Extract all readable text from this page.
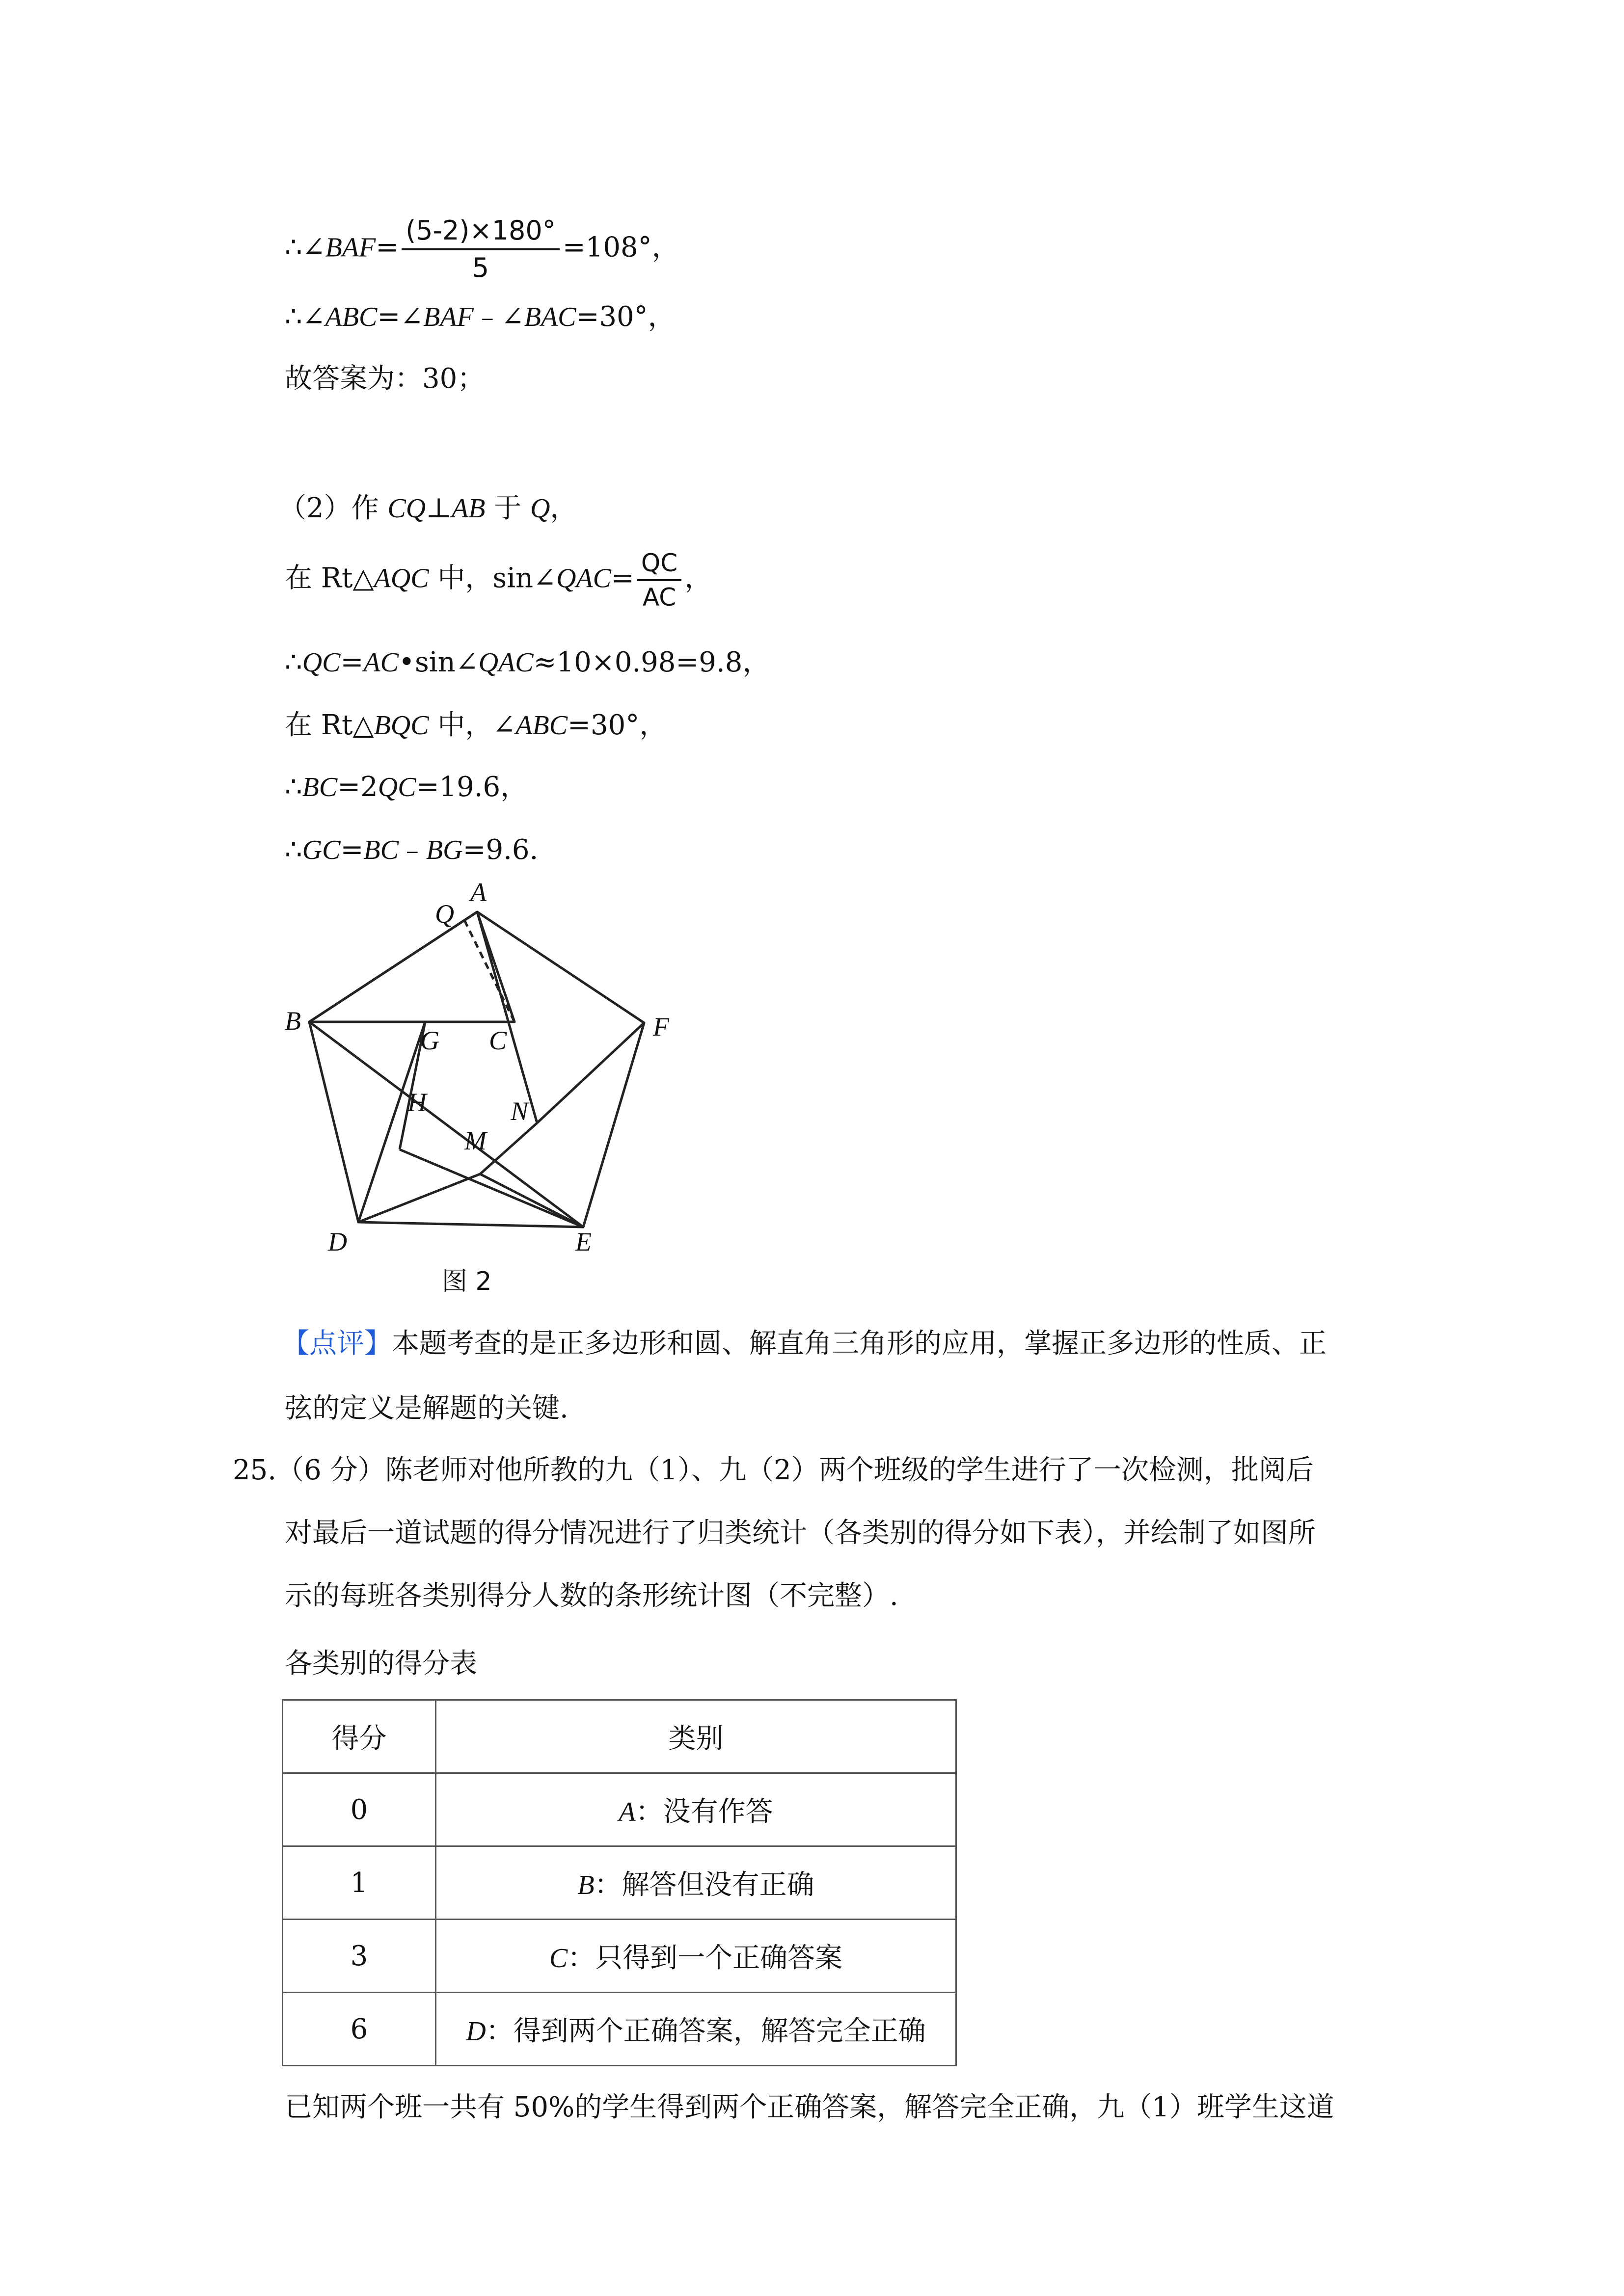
∴∠BAF= $\frac{(5-2)\times 180^\circ}{5} =108^\circ$，
∴∠ABC=∠BAF﹣∠BAC=30°，
故答案为：30；
（2）作 CQ⊥AB 于 Q，
在 Rt△AQC 中，sin∠QAC= $\frac{QC}{AC}$ ，
∴QC=AC•sin∠QAC≈10×0.98=9.8，
在 Rt△BQC 中，∠ABC=30°，
∴BC=2QC=19.6，
∴GC=BC﹣BG=9.6.
A
Q
B
G C	F
H	N
M
D	E
图 2
【点评】本题考查的是正多边形和圆、解直角三角形的应用，掌握正多边形的性质、正
弦的定义是解题的关键.
25.（6 分）陈老师对他所教的九（1）、九（2）两个班级的学生进行了一次检测，批阅后
对最后一道试题的得分情况进行了归类统计（各类别的得分如下表），并绘制了如图所
示的每班各类别得分人数的条形统计图（不完整）.
各类别的得分表
得分	类别
0	A：没有作答
1	B：解答但没有正确
3	C：只得到一个正确答案
6	D：得到两个正确答案，解答完全正确
已知两个班一共有 50%的学生得到两个正确答案，解答完全正确，九（1）班学生这道
